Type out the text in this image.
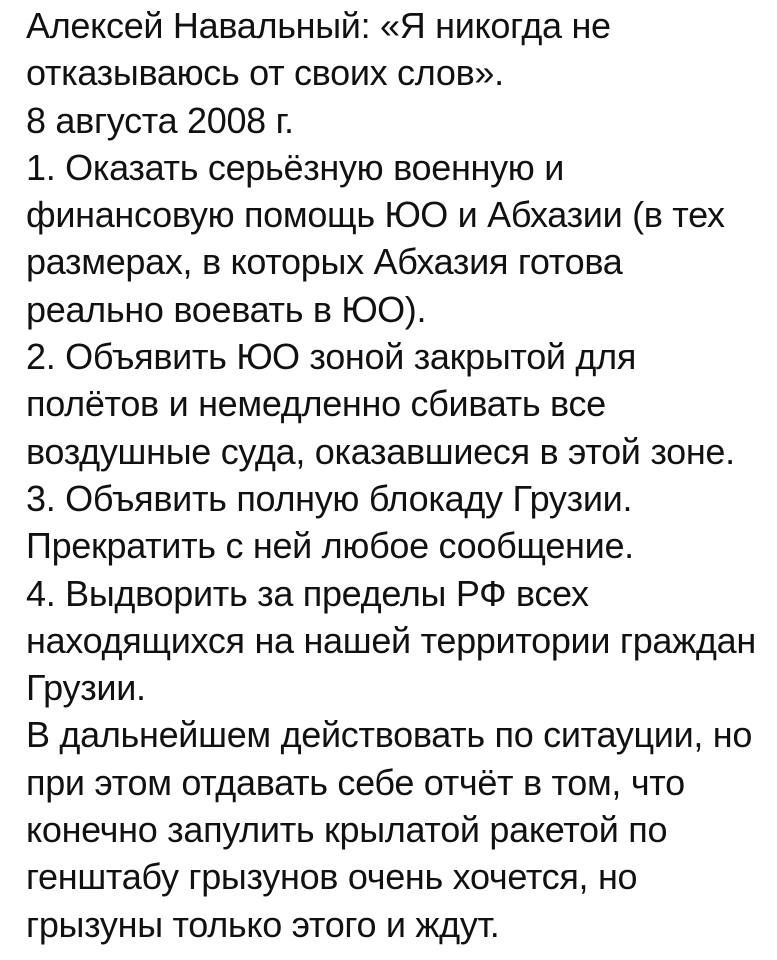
Алексей Навальный: «Я никогда не
отказываюсь от своих слов».
8 августа 2008 г.
1. Оказать серьёзную военную и
финансовую помощь ЮО и Абхазии (в тех
размерах, в которых Абхазия готова
реально воевать в ЮО).
2. Объявить ЮО зоной закрытой для
полётов и немедленно сбивать все
воздушные суда, оказавшиеся в этой зоне.
3. Объявить полную блокаду Грузии.
Прекратить с ней любое сообщение.
4. Выдворить за пределы РФ всех
находящихся на нашей территории граждан
Грузии.
В дальнейшем действовать по ситауции, но
при этом отдавать себе отчёт в том, что
конечно запулить крылатой ракетой по
генштабу грызунов очень хочется, но
грызуны только этого и ждут.
